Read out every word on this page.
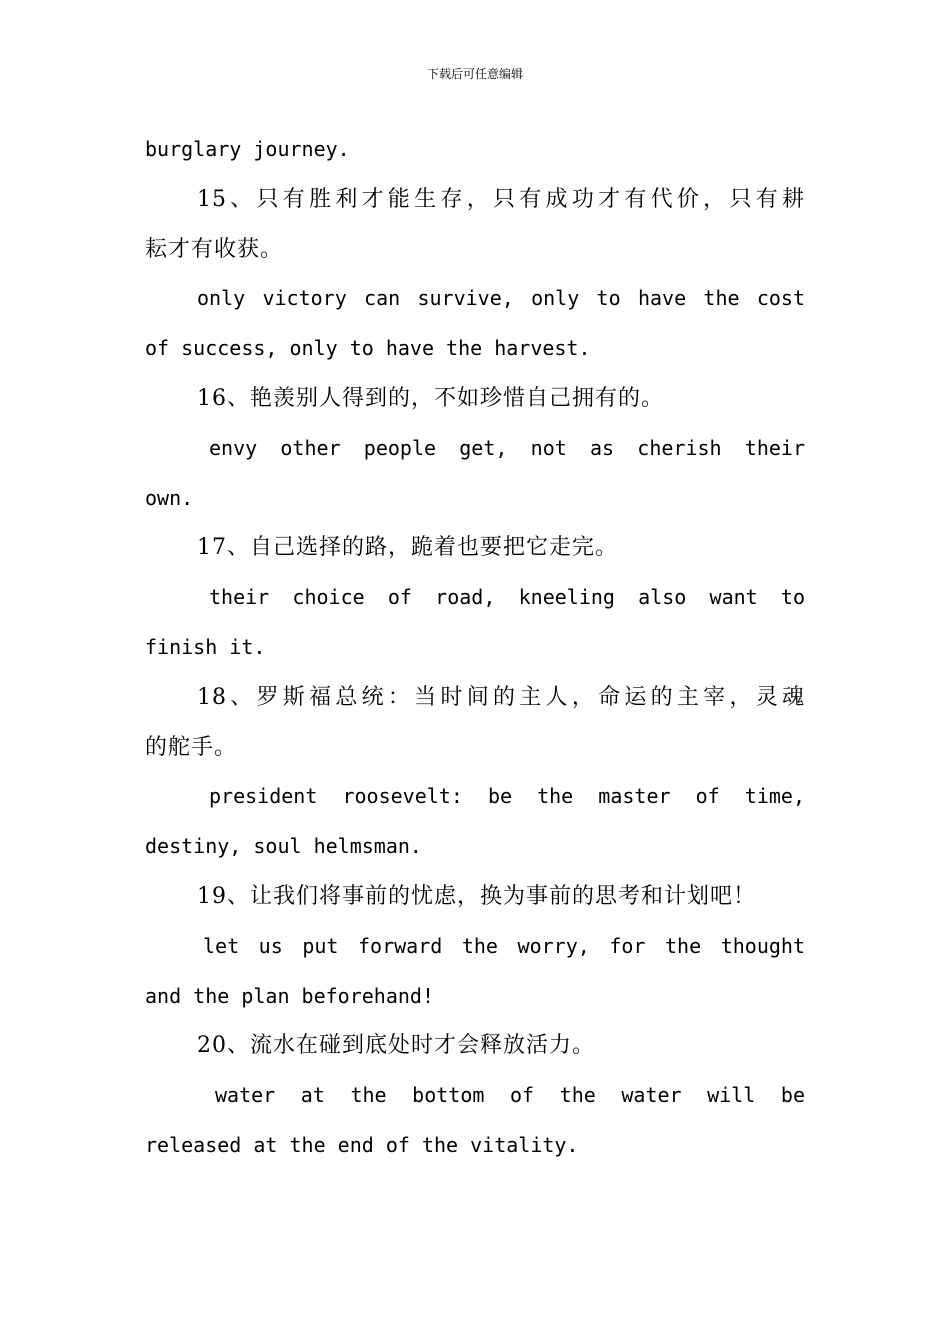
下载后可任意编辑
burglary journey.
15、只有胜利才能生存，只有成功才有代价，只有耕
耘才有收获。
only victory can survive, only to have the cost
of success, only to have the harvest.
16、艳羡别人得到的，不如珍惜自己拥有的。
envy other people get, not as cherish their
own.
17、自己选择的路，跪着也要把它走完。
their choice of road, kneeling also want to
finish it.
18、罗斯福总统：当时间的主人，命运的主宰，灵魂
的舵手。
president roosevelt: be the master of time,
destiny, soul helmsman.
19、让我们将事前的忧虑，换为事前的思考和计划吧！
let us put forward the worry, for the thought
and the plan beforehand!
20、流水在碰到底处时才会释放活力。
water at the bottom of the water will be
released at the end of the vitality.
